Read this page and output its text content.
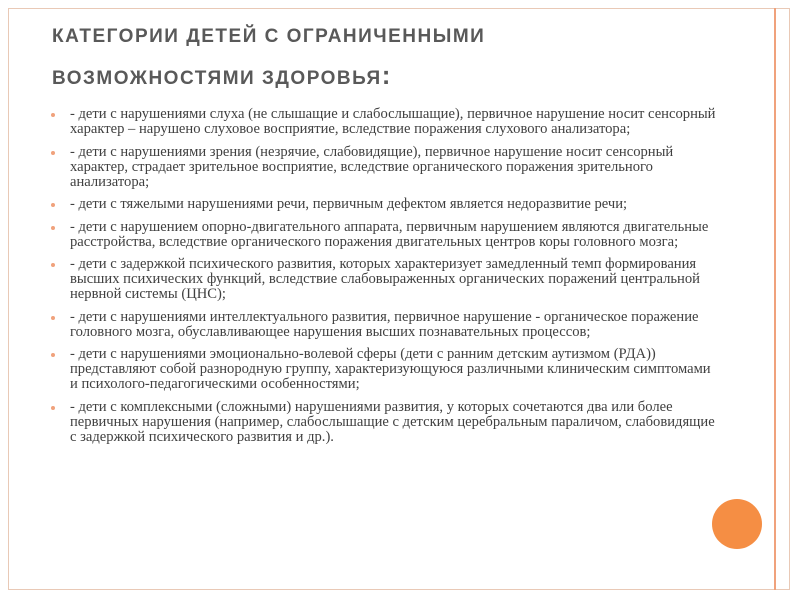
КАТЕГОРИИ ДЕТЕЙ С ОГРАНИЧЕННЫМИ
ВОЗМОЖНОСТЯМИ ЗДОРОВЬЯ :
- дети с нарушениями слуха (не слышащие и слабослышащие), первичное нарушение носит сенсорный характер – нарушено слуховое восприятие, вследствие поражения слухового анализатора;
- дети с нарушениями зрения (незрячие, слабовидящие), первичное нарушение носит сенсорный характер, страдает зрительное восприятие, вследствие органического поражения зрительного анализатора;
- дети с тяжелыми нарушениями речи, первичным дефектом является недоразвитие речи;
- дети с нарушением опорно-двигательного аппарата, первичным нарушением являются двигательные расстройства, вследствие органического поражения двигательных центров коры головного мозга;
- дети с задержкой психического развития, которых характеризует замедленный темп формирования высших психических функций, вследствие слабовыраженных органических поражений центральной нервной системы (ЦНС);
- дети с нарушениями интеллектуального развития, первичное нарушение - органическое поражение головного мозга, обуславливающее нарушения высших познавательных процессов;
- дети с нарушениями эмоционально-волевой сферы (дети с ранним детским аутизмом (РДА)) представляют собой разнородную группу, характеризующуюся различными клиническим симптомами и психолого-педагогическими особенностями;
- дети с комплексными (сложными) нарушениями развития, у которых сочетаются два или более первичных нарушения (например, слабослышащие с детским церебральным параличом, слабовидящие с задержкой психического развития и др.).
